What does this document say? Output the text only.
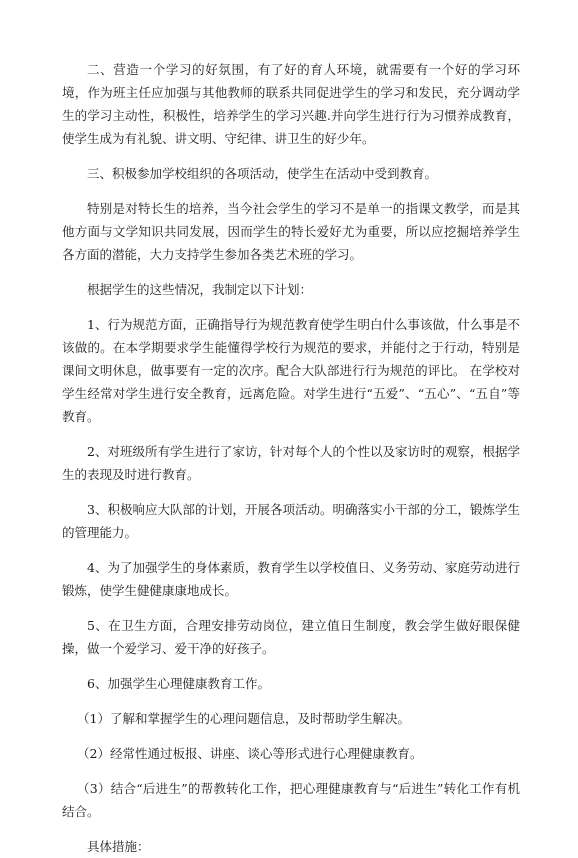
二、营造一个学习的好氛围，有了好的育人环境，就需要有一个好的学习环境，作为班主任应加强与其他教师的联系共同促进学生的学习和发民，充分调动学生的学习主动性，积极性，培养学生的学习兴趣.并向学生进行行为习惯养成教育，使学生成为有礼貌、讲文明、守纪律、讲卫生的好少年。

三、积极参加学校组织的各项活动，使学生在活动中受到教育。

特别是对特长生的培养，当今社会学生的学习不是单一的指课文教学，而是其他方面与文学知识共同发展，因而学生的特长爱好尤为重要，所以应挖掘培养学生各方面的潜能，大力支持学生参加各类艺术班的学习。

根据学生的这些情况，我制定以下计划：

1、行为规范方面，正确指导行为规范教育使学生明白什么事该做，什么事是不该做的。在本学期要求学生能懂得学校行为规范的要求，并能付之于行动，特别是课间文明休息，做事要有一定的次序。配合大队部进行行为规范的评比。 在学校对学生经常对学生进行安全教育，远离危险。对学生进行“五爱”、“五心”、“五自”等教育。

2、对班级所有学生进行了家访，针对每个人的个性以及家访时的观察，根据学生的表现及时进行教育。

3、积极响应大队部的计划，开展各项活动。明确落实小干部的分工，锻炼学生的管理能力。

4、为了加强学生的身体素质，教育学生以学校值日、义务劳动、家庭劳动进行锻炼，使学生健健康康地成长。

5、在卫生方面，合理安排劳动岗位，建立值日生制度，教会学生做好眼保健操，做一个爱学习、爱干净的好孩子。

6、加强学生心理健康教育工作。

（1）了解和掌握学生的心理问题信息，及时帮助学生解决。

（2）经常性通过板报、讲座、谈心等形式进行心理健康教育。

（3）结合“后进生”的帮教转化工作，把心理健康教育与“后进生”转化工作有机结合。

具体措施：
